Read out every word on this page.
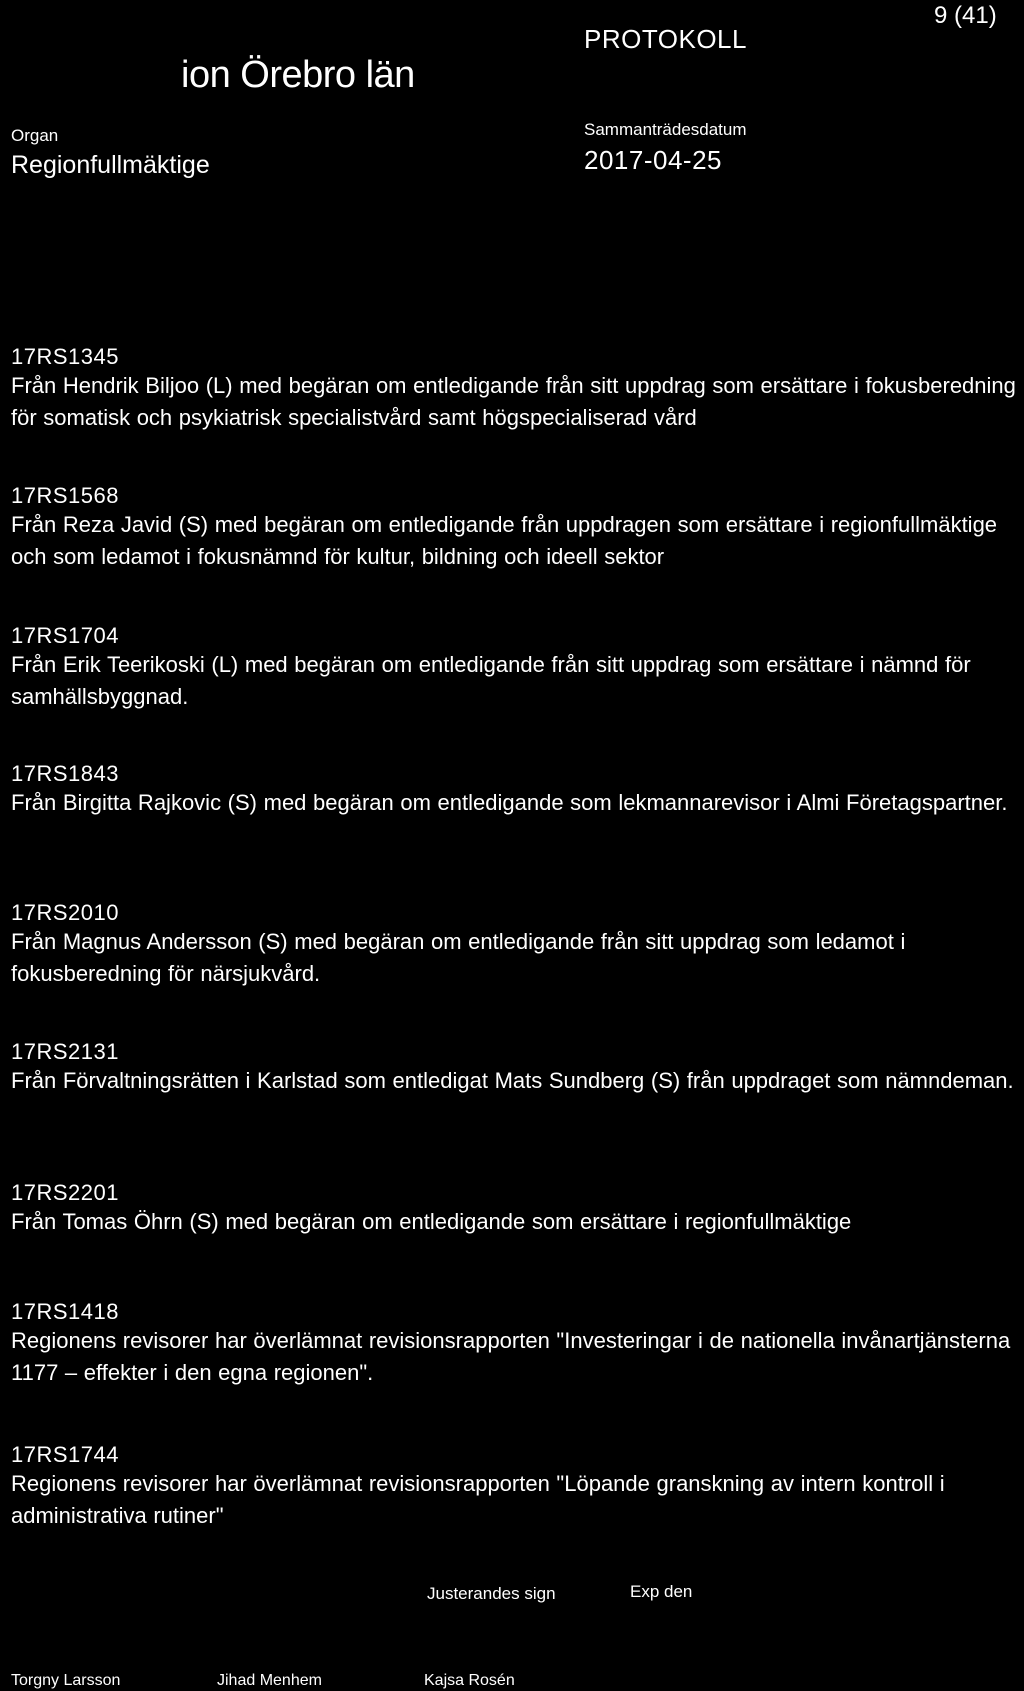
ion Örebro län
PROTOKOLL
9 (41)
Organ
Regionfullmäktige
Sammanträdesdatum
2017-04-25
17RS1345
Från Hendrik Biljoo (L) med begäran om entledigande från sitt uppdrag som ersättare i fokusberedning för somatisk och psykiatrisk specialistvård samt högspecialiserad vård
17RS1568
Från Reza Javid (S) med begäran om entledigande från uppdragen som ersättare i regionfullmäktige och som ledamot i fokusnämnd för kultur, bildning och ideell sektor
17RS1704
Från Erik Teerikoski (L) med begäran om entledigande från sitt uppdrag som ersättare i nämnd för samhällsbyggnad.
17RS1843
Från Birgitta Rajkovic (S) med begäran om entledigande som lekmannarevisor i Almi Företagspartner.
17RS2010
Från Magnus Andersson (S) med begäran om entledigande från sitt uppdrag som ledamot i fokusberedning för närsjukvård.
17RS2131
Från Förvaltningsrätten i Karlstad som entledigat Mats Sundberg (S) från uppdraget som nämndeman.
17RS2201
Från Tomas Öhrn (S) med begäran om entledigande som ersättare i regionfullmäktige
17RS1418
Regionens revisorer har överlämnat revisionsrapporten "Investeringar i de nationella invånartjänsterna 1177 – effekter i den egna regionen".
17RS1744
Regionens revisorer har överlämnat revisionsrapporten "Löpande granskning av intern kontroll i administrativa rutiner"
Justerandes sign	Exp den
Torgny Larsson	Jihad Menhem	Kajsa Rosén
